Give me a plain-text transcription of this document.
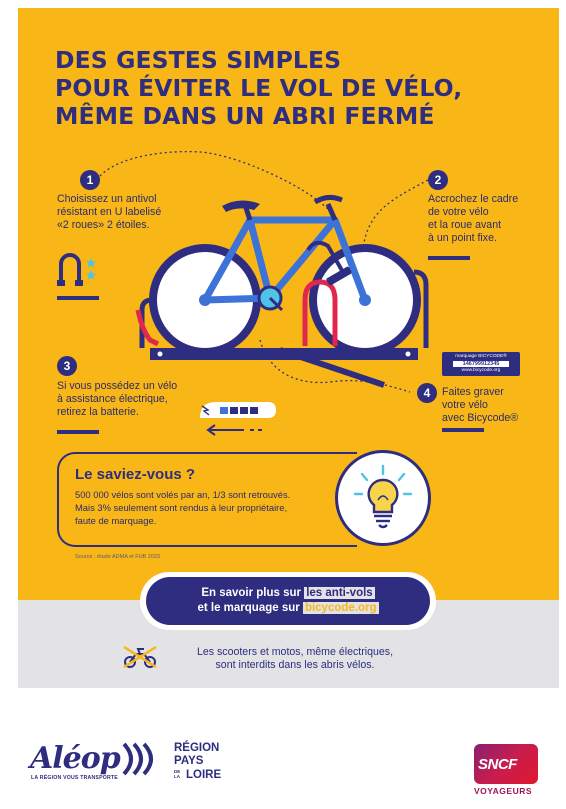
DES GESTES SIMPLES
POUR ÉVITER LE VOL DE VÉLO,
MÊME DANS UN ABRI FERMÉ
1	2
3
4
Choisissez un antivol
résistant en U labelisé
«2 roues» 2 étoiles.
Accrochez le cadre
de votre vélo
et la roue avant
à un point fixe.
Si vous possédez un vélo
à assistance électrique,
retirez la batterie.
marquage BICYCODE®
146799912345
www.bicycode.org
Faites graver
votre vélo
avec Bicycode®
Le saviez-vous ?
500 000 vélos sont volés par an, 1/3 sont retrouvés.
Mais 3% seulement sont rendus à leur propriétaire,
faute de marquage.
Source : étude ADMA et FUB 2023
En savoir plus sur les anti-vols
et le marquage sur bicycode.org
Les scooters et motos, même électriques,
sont interdits dans les abris vélos.
Aléop
LA RÉGION VOUS TRANSPORTE
RÉGION
PAYS
DE
LA LOIRE
SNCF
VOYAGEURS
